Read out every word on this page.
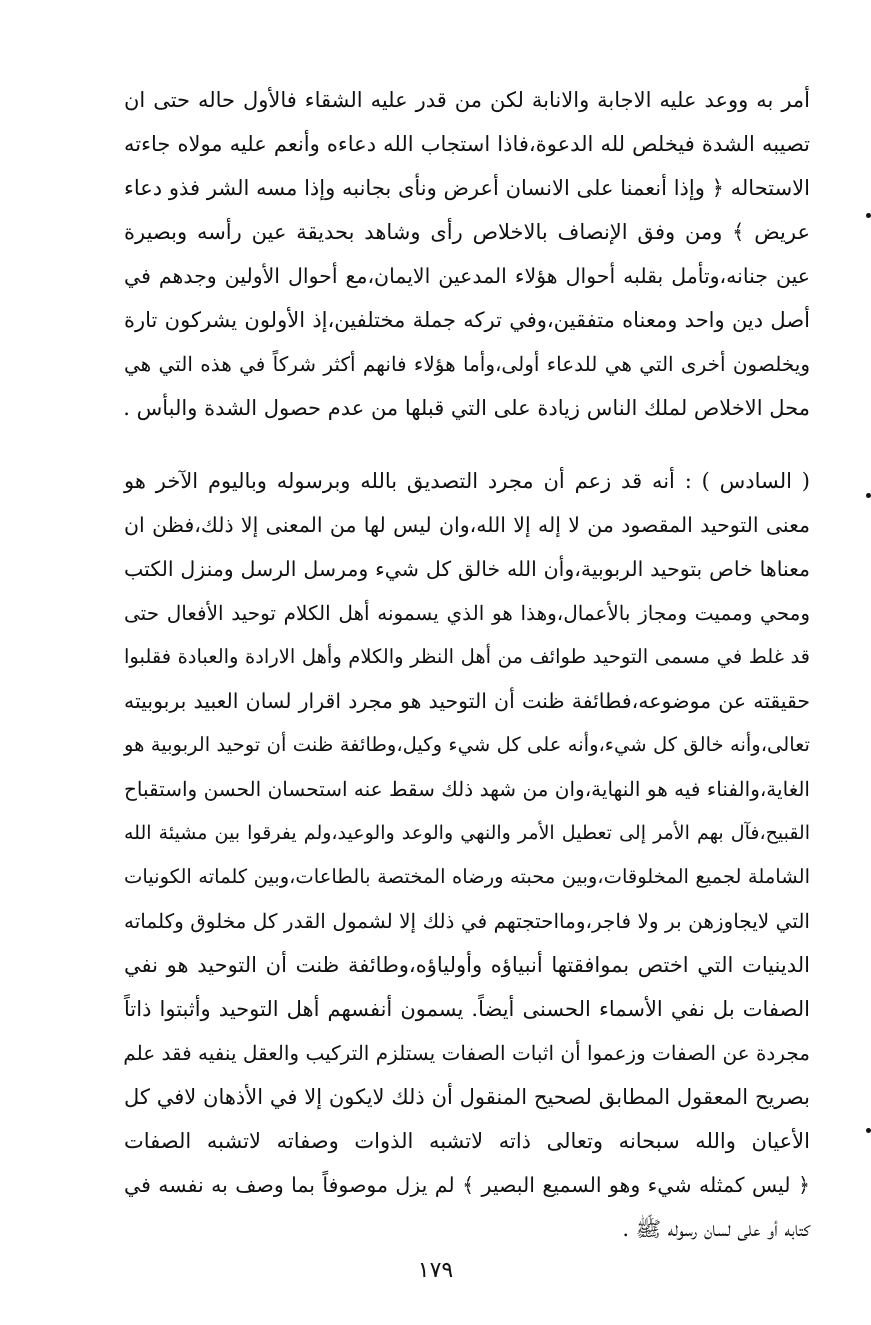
أمر به ووعد عليه الاجابة والانابة لكن من قدر عليه الشقاء فالأول حاله حتى ان
تصيبه الشدة فيخلص لله الدعوة،فاذا استجاب الله دعاءه وأنعم عليه مولاه جاءته
الاستحاله ﴿ وإذا أنعمنا على الانسان أعرض ونأى بجانبه وإذا مسه الشر فذو دعاء
عريض ﴾ ومن وفق الإنصاف بالاخلاص رأى وشاهد بحديقة عين رأسه وبصيرة
عين جنانه،وتأمل بقلبه أحوال هؤلاء المدعين الايمان،مع أحوال الأولين وجدهم في
أصل دين واحد ومعناه متفقين،وفي تركه جملة مختلفين،إذ الأولون يشركون تارة
ويخلصون أخرى التي هي للدعاء أولى،وأما هؤلاء فانهم أكثر شركاً في هذه التي هي
محل الاخلاص لملك الناس زيادة على التي قبلها من عدم حصول الشدة والبأس .
( السادس ) : أنه قد زعم أن مجرد التصديق بالله وبرسوله وباليوم الآخر هو
معنى التوحيد المقصود من لا إله إلا الله،وان ليس لها من المعنى إلا ذلك،فظن ان
معناها خاص بتوحيد الربوبية،وأن الله خالق كل شيء ومرسل الرسل ومنزل الكتب
ومحي ومميت ومجاز بالأعمال،وهذا هو الذي يسمونه أهل الكلام توحيد الأفعال حتى
قد غلط في مسمى التوحيد طوائف من أهل النظر والكلام وأهل الارادة والعبادة فقلبوا
حقيقته عن موضوعه،فطائفة ظنت أن التوحيد هو مجرد اقرار لسان العبيد بربوبيته
تعالى،وأنه خالق كل شيء،وأنه على كل شيء وكيل،وطائفة ظنت أن توحيد الربوبية هو
الغاية،والفناء فيه هو النهاية،وان من شهد ذلك سقط عنه استحسان الحسن واستقباح
القبيح،فآل بهم الأمر إلى تعطيل الأمر والنهي والوعد والوعيد،ولم يفرقوا بين مشيئة الله
الشاملة لجميع المخلوقات،وبين محبته ورضاه المختصة بالطاعات،وبين كلماته الكونيات
التي لايجاوزهن بر ولا فاجر،ومااحتجتهم في ذلك إلا لشمول القدر كل مخلوق وكلماته
الدينيات التي اختص بموافقتها أنبياؤه وأولياؤه،وطائفة ظنت أن التوحيد هو نفي
الصفات بل نفي الأسماء الحسنى أيضاً. يسمون أنفسهم أهل التوحيد وأثبتوا ذاتاً
مجردة عن الصفات وزعموا أن اثبات الصفات يستلزم التركيب والعقل ينفيه فقد علم
بصريح المعقول المطابق لصحيح المنقول أن ذلك لايكون إلا في الأذهان لافي كل
الأعيان والله سبحانه وتعالى ذاته لاتشبه الذوات وصفاته لاتشبه الصفات
﴿ ليس كمثله شيء وهو السميع البصير ﴾ لم يزل موصوفاً بما وصف به نفسه في
كتابه أو على لسان رسوله ﷺ .
١٧٩
